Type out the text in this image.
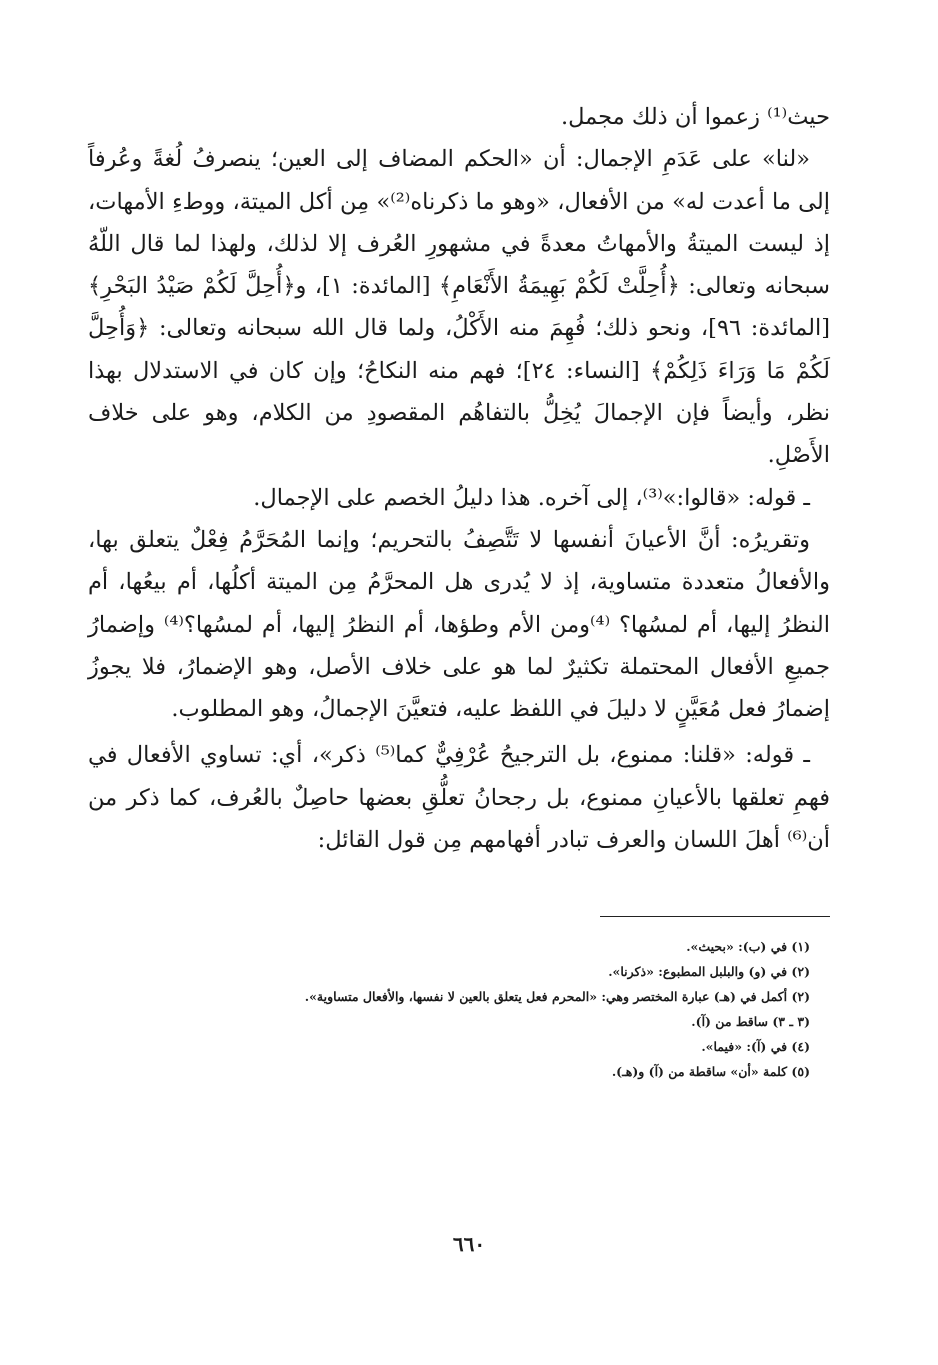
حيث⁽¹⁾ زعموا أن ذلك مجمل.

«لنا» على عَدَمِ الإجمال: أن «الحكم المضاف إلى العين؛ ينصرفُ لُغةً وعُرفاً إلى ما أعدت له» من الأفعال، «وهو ما ذكرناه⁽²⁾» مِن أكل الميتة، ووطءِ الأمهات، إذ ليست الميتةُ والأمهاتُ معدةً في مشهورِ العُرف إلا لذلك، ولهذا لما قال اللّهُ سبحانه وتعالى: ﴿أُحِلَّتْ لَكُمْ بَهِيمَةُ الأَنْعَامِ﴾ [المائدة: ١]، و﴿أُحِلَّ لَكُمْ صَيْدُ البَحْرِ﴾ [المائدة: ٩٦]، ونحو ذلك؛ فُهِمَ منه الأَكْلُ، ولما قال الله سبحانه وتعالى: ﴿وَأُحِلَّ لَكُمْ مَا وَرَاءَ ذَلِكُمْ﴾ [النساء: ٢٤]؛ فهم منه النكاحُ؛ وإن كان في الاستدلال بهذا نظر، وأيضاً فإن الإجمالَ يُخِلُّ بالتفاهُم المقصودِ من الكلام، وهو على خلاف الأَصْلِ.

ـ قوله: «قالوا:»⁽³⁾، إلى آخره. هذا دليلُ الخصم على الإجمال.

وتقريرُه: أنَّ الأعيانَ أنفسها لا تَتَّصِفُ بالتحريم؛ وإنما المُحَرَّمُ فِعْلٌ يتعلق بها، والأفعالُ متعددة متساوية، إذ لا يُدرى هل المحرَّمُ مِن الميتة أكلُها، أم بيعُها، أم النظرُ إليها، أم لمسُها؟ ⁽⁴⁾ومن الأم وطؤها، أم النظرُ إليها، أم لمسُها؟⁽⁴⁾ وإضمارُ جميعِ الأفعال المحتملة تكثيرٌ لما هو على خلاف الأصل، وهو الإضمارُ، فلا يجوزُ إضمارُ فعل مُعَيَّنٍ لا دليلَ في اللفظ عليه، فتعيَّنَ الإجمالُ، وهو المطلوب.

ـ قوله: «قلنا: ممنوع، بل الترجيحُ عُرْفِيٌّ كما⁽⁵⁾ ذكر»، أي: تساوي الأفعال في فهمِ تعلقها بالأعيانِ ممنوع، بل رجحانُ تعلُّقِ بعضها حاصِلٌ بالعُرف، كما ذكر من أن⁽⁶⁾ أهلَ اللسان والعرف تبادر أفهامهم مِن قول القائل:

(١) في (ب): «بحيث».
(٢) في (و) والبلبل المطبوع: «ذكرنا».
(٢) أكمل في (هـ) عبارة المختصر وهي: «المحرم فعل يتعلق بالعين لا نفسها، والأفعال متساوية».
(٣ ـ ٣) ساقط من (آ).
(٤) في (آ): «فيما».
(٥) كلمة «أن» ساقطة من (آ) و(هـ).
٦٦٠
